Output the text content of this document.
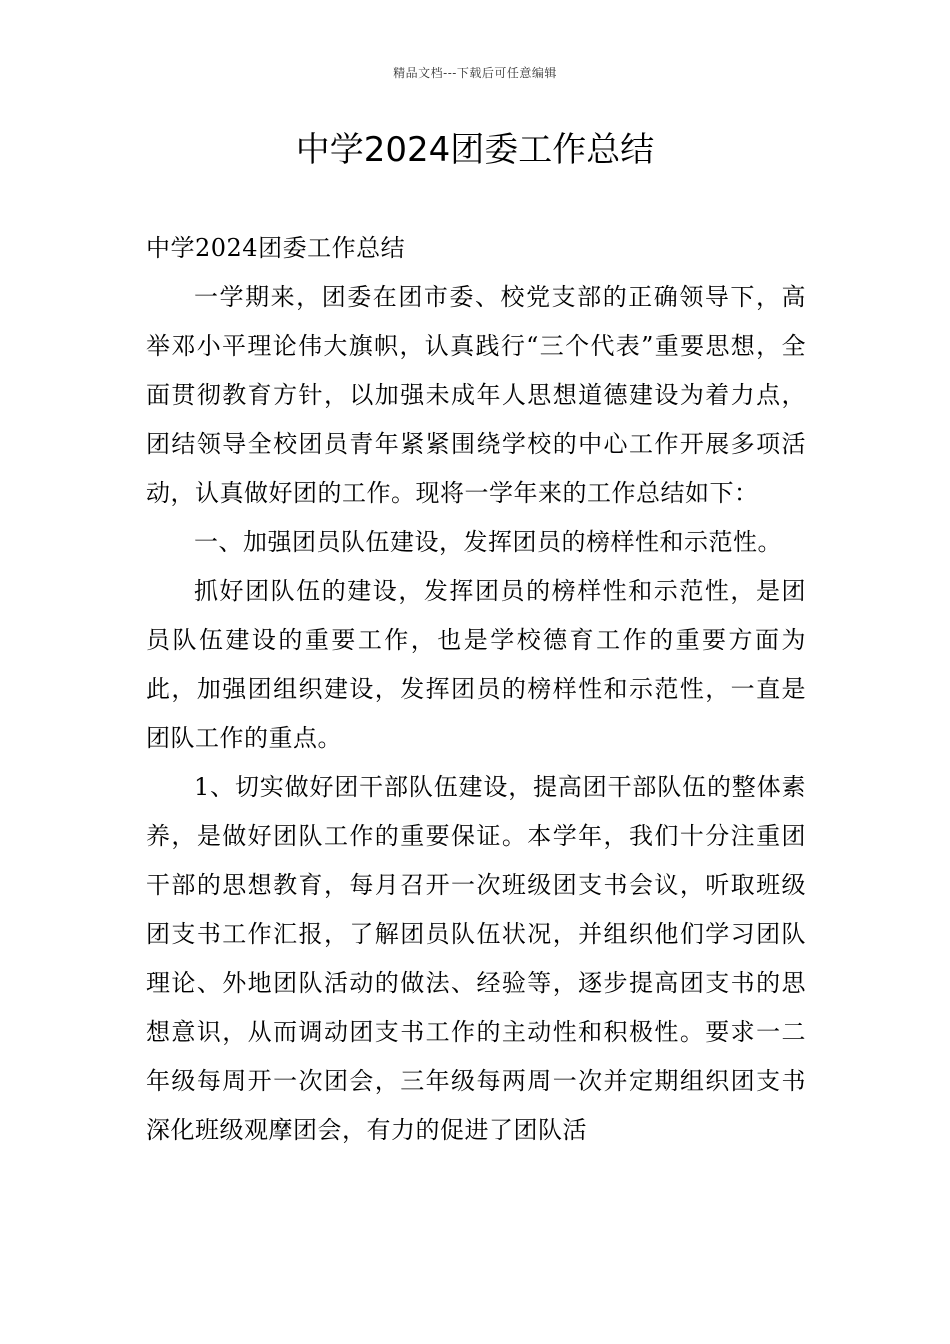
精品文档---下载后可任意编辑
中学2024团委工作总结

中学2024团委工作总结

一学期来，团委在团市委、校党支部的正确领导下，高举邓小平理论伟大旗帜，认真践行“三个代表”重要思想，全面贯彻教育方针，以加强未成年人思想道德建设为着力点，团结领导全校团员青年紧紧围绕学校的中心工作开展多项活动，认真做好团的工作。现将一学年来的工作总结如下：

一、加强团员队伍建设，发挥团员的榜样性和示范性。

抓好团队伍的建设，发挥团员的榜样性和示范性，是团员队伍建设的重要工作，也是学校德育工作的重要方面为此，加强团组织建设，发挥团员的榜样性和示范性，一直是团队工作的重点。

1、切实做好团干部队伍建设，提高团干部队伍的整体素养，是做好团队工作的重要保证。本学年，我们十分注重团干部的思想教育，每月召开一次班级团支书会议，听取班级团支书工作汇报，了解团员队伍状况，并组织他们学习团队理论、外地团队活动的做法、经验等，逐步提高团支书的思想意识，从而调动团支书工作的主动性和积极性。要求一二年级每周开一次团会，三年级每两周一次并定期组织团支书深化班级观摩团会，有力的促进了团队活
